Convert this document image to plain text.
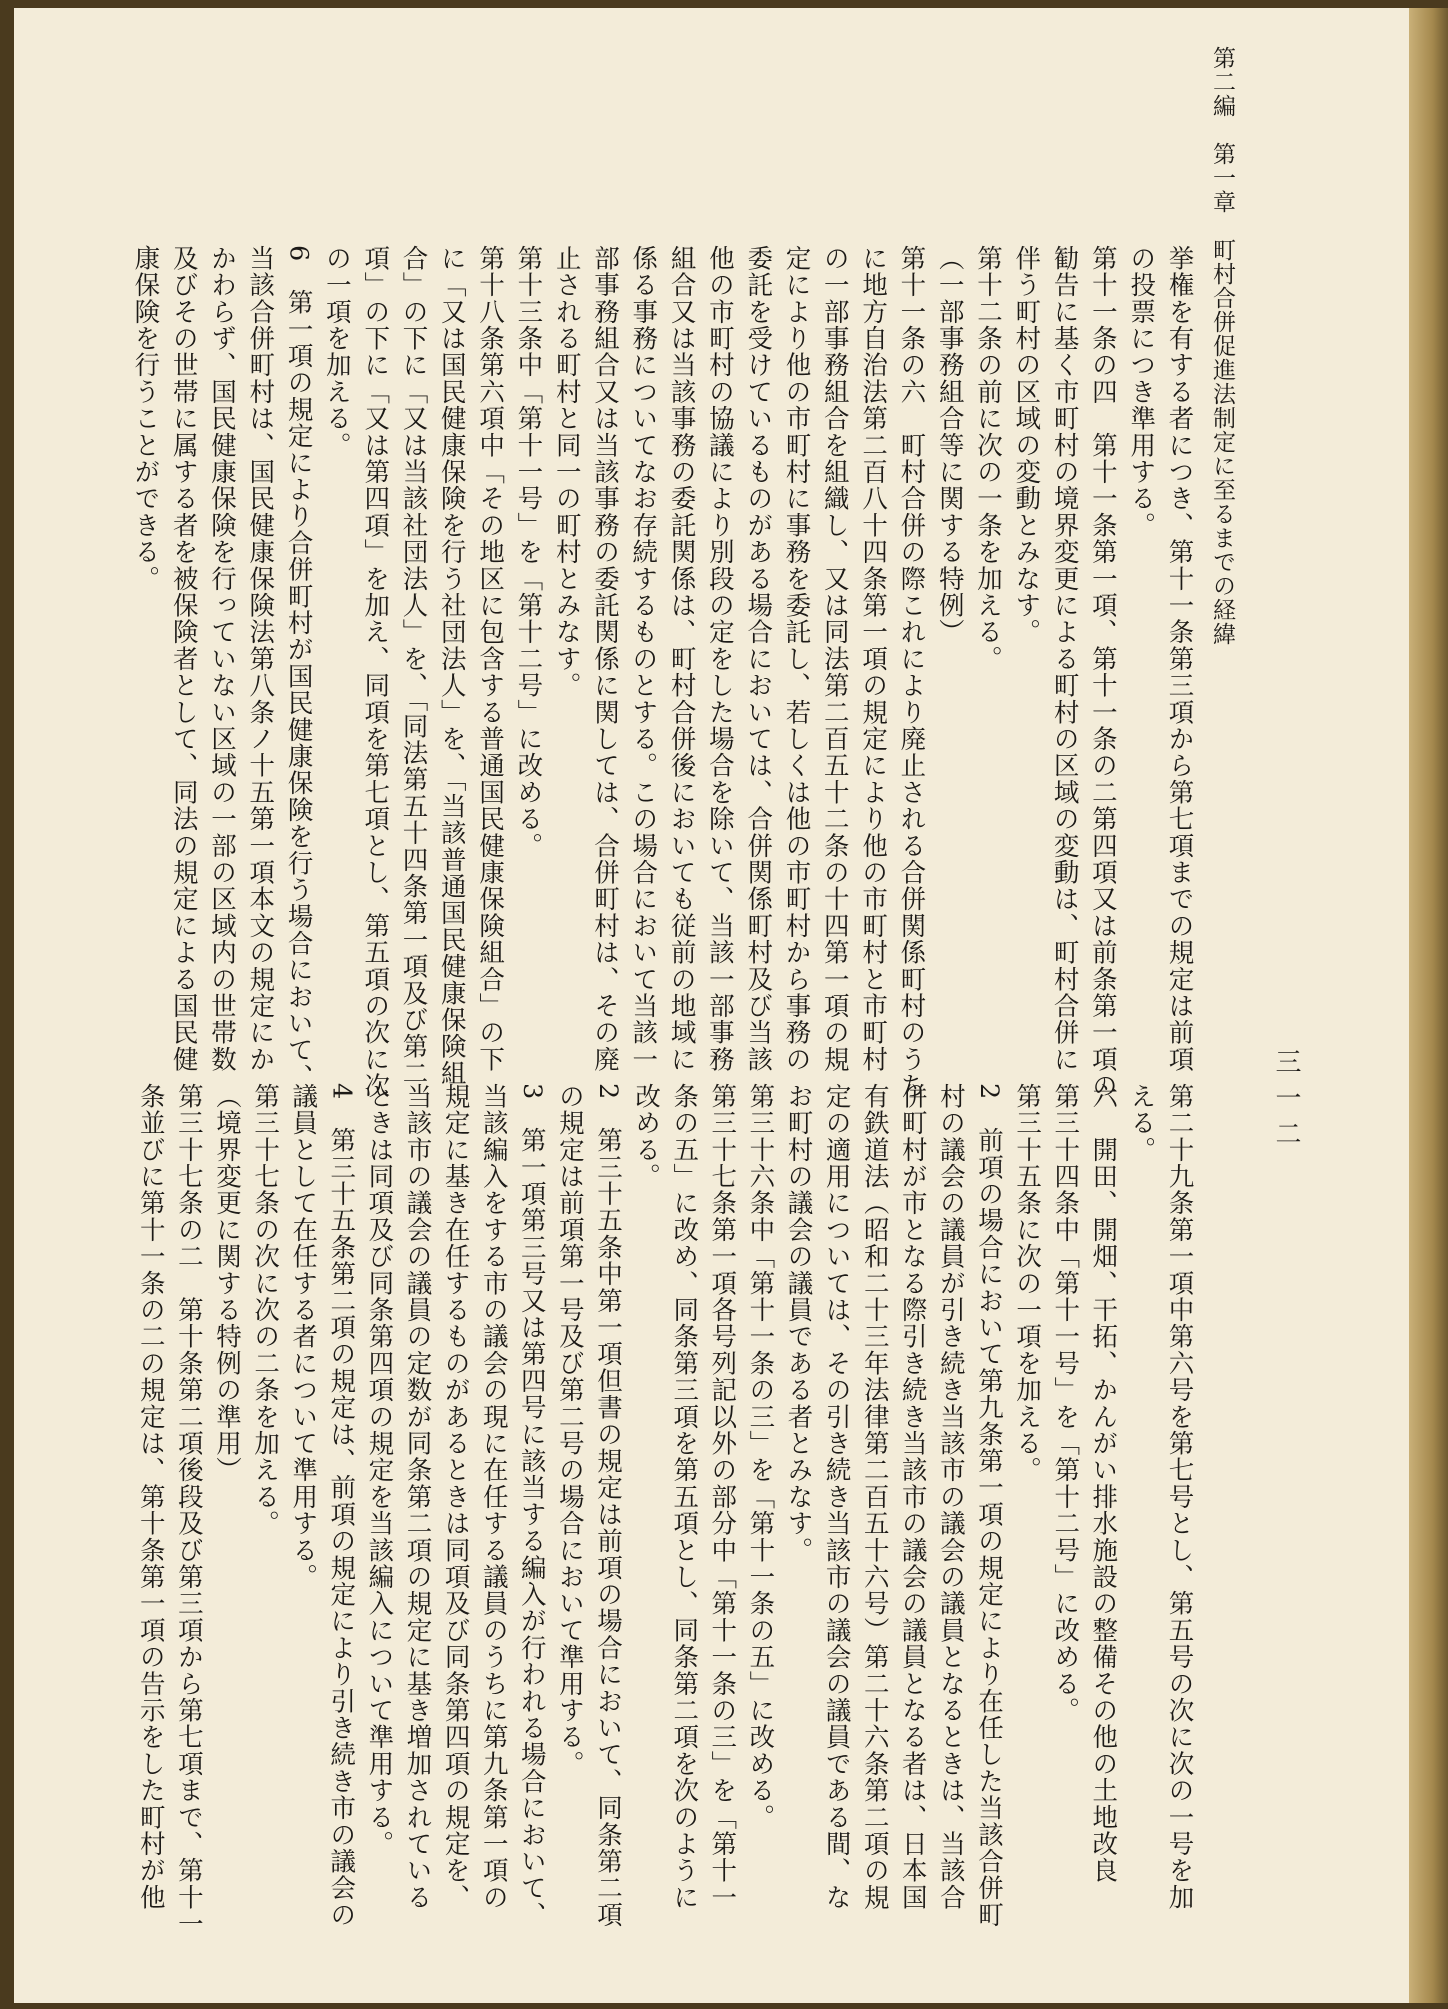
第二編　第一章　町村合併促進法制定に至るまでの経緯
三一二
挙権を有する者につき、第十一条第三項から第七項までの規定は前項
の投票につき準用する。
第十一条の四　第十一条第一項、第十一条の二第四項又は前条第一項の
勧告に基く市町村の境界変更による町村の区域の変動は、町村合併に
伴う町村の区域の変動とみなす。
第十二条の前に次の一条を加える。
（一部事務組合等に関する特例）
第十一条の六　町村合併の際これにより廃止される合併関係町村のうち
に地方自治法第二百八十四条第一項の規定により他の市町村と市町村
の一部事務組合を組織し、又は同法第二百五十二条の十四第一項の規
定により他の市町村に事務を委託し、若しくは他の市町村から事務の
委託を受けているものがある場合においては、合併関係町村及び当該
他の市町村の協議により別段の定をした場合を除いて、当該一部事務
組合又は当該事務の委託関係は、町村合併後においても従前の地域に
係る事務についてなお存続するものとする。この場合において当該一
部事務組合又は当該事務の委託関係に関しては、合併町村は、その廃
止される町村と同一の町村とみなす。
第十三条中「第十一号」を「第十二号」に改める。
第十八条第六項中「その地区に包含する普通国民健康保険組合」の下
に「又は国民健康保険を行う社団法人」を、「当該普通国民健康保険組
合」の下に「又は当該社団法人」を、「同法第五十四条第一項及び第二
項」の下に「又は第四項」を加え、同項を第七項とし、第五項の次に次
の一項を加える。
6　第一項の規定により合併町村が国民健康保険を行う場合において、
当該合併町村は、国民健康保険法第八条ノ十五第一項本文の規定にか
かわらず、国民健康保険を行っていない区域の一部の区域内の世帯数
及びその世帯に属する者を被保険者として、同法の規定による国民健
康保険を行うことができる。
第二十九条第一項中第六号を第七号とし、第五号の次に次の一号を加
える。
六　開田、開畑、干拓、かんがい排水施設の整備その他の土地改良
第三十四条中「第十一号」を「第十二号」に改める。
第三十五条に次の一項を加える。
2　前項の場合において第九条第一項の規定により在任した当該合併町
村の議会の議員が引き続き当該市の議会の議員となるときは、当該合
併町村が市となる際引き続き当該市の議会の議員となる者は、日本国
有鉄道法（昭和二十三年法律第二百五十六号）第二十六条第二項の規
定の適用については、その引き続き当該市の議会の議員である間、な
お町村の議会の議員である者とみなす。
第三十六条中「第十一条の三」を「第十一条の五」に改める。
第三十七条第一項各号列記以外の部分中「第十一条の三」を「第十一
条の五」に改め、同条第三項を第五項とし、同条第二項を次のように
改める。
2　第三十五条中第一項但書の規定は前項の場合において、同条第二項
の規定は前項第一号及び第二号の場合において準用する。
3　第一項第三号又は第四号に該当する編入が行われる場合において、
当該編入をする市の議会の現に在任する議員のうちに第九条第一項の
規定に基き在任するものがあるときは同項及び同条第四項の規定を、
当該市の議会の議員の定数が同条第二項の規定に基き増加されている
ときは同項及び同条第四項の規定を当該編入について準用する。
4　第三十五条第二項の規定は、前項の規定により引き続き市の議会の
議員として在任する者について準用する。
第三十七条の次に次の二条を加える。
（境界変更に関する特例の準用）
第三十七条の二　第十条第二項後段及び第三項から第七項まで、第十一
条並びに第十一条の二の規定は、第十条第一項の告示をした町村が他
